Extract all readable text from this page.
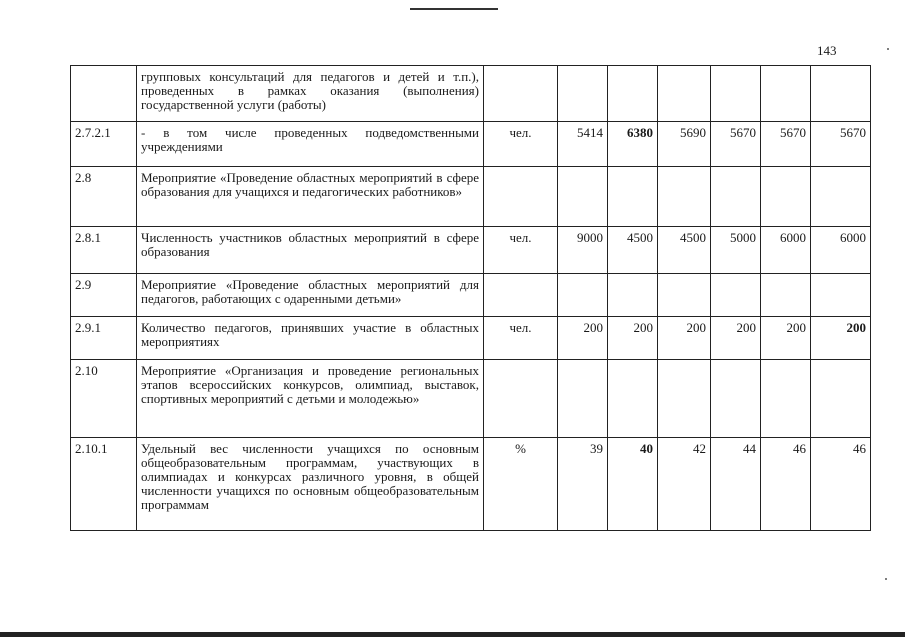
143
	групповых консультаций для педагогов и детей и т.п.), проведенных в рамках оказания (выполнения) государственной услуги (работы)							
2.7.2.1	- в том числе проведенных подведомственными учреждениями	чел.	5414	6380	5690	5670	5670	5670
2.8	Мероприятие «Проведение областных мероприятий в сфере образования для учащихся и педагогических работников»							
2.8.1	Численность участников областных мероприятий в сфере образования	чел.	9000	4500	4500	5000	6000	6000
2.9	Мероприятие «Проведение областных мероприятий для педагогов, работающих с одаренными детьми»							
2.9.1	Количество педагогов, принявших участие в областных мероприятиях	чел.	200	200	200	200	200	200
2.10	Мероприятие «Организация и проведение региональных этапов всероссийских конкурсов, олимпиад, выставок, спортивных мероприятий с детьми и молодежью»							
2.10.1	Удельный вес численности учащихся по основным общеобразовательным программам, участвующих в олимпиадах и конкурсах различного уровня, в общей численности учащихся по основным общеобразовательным программам	%	39	40	42	44	46	46
